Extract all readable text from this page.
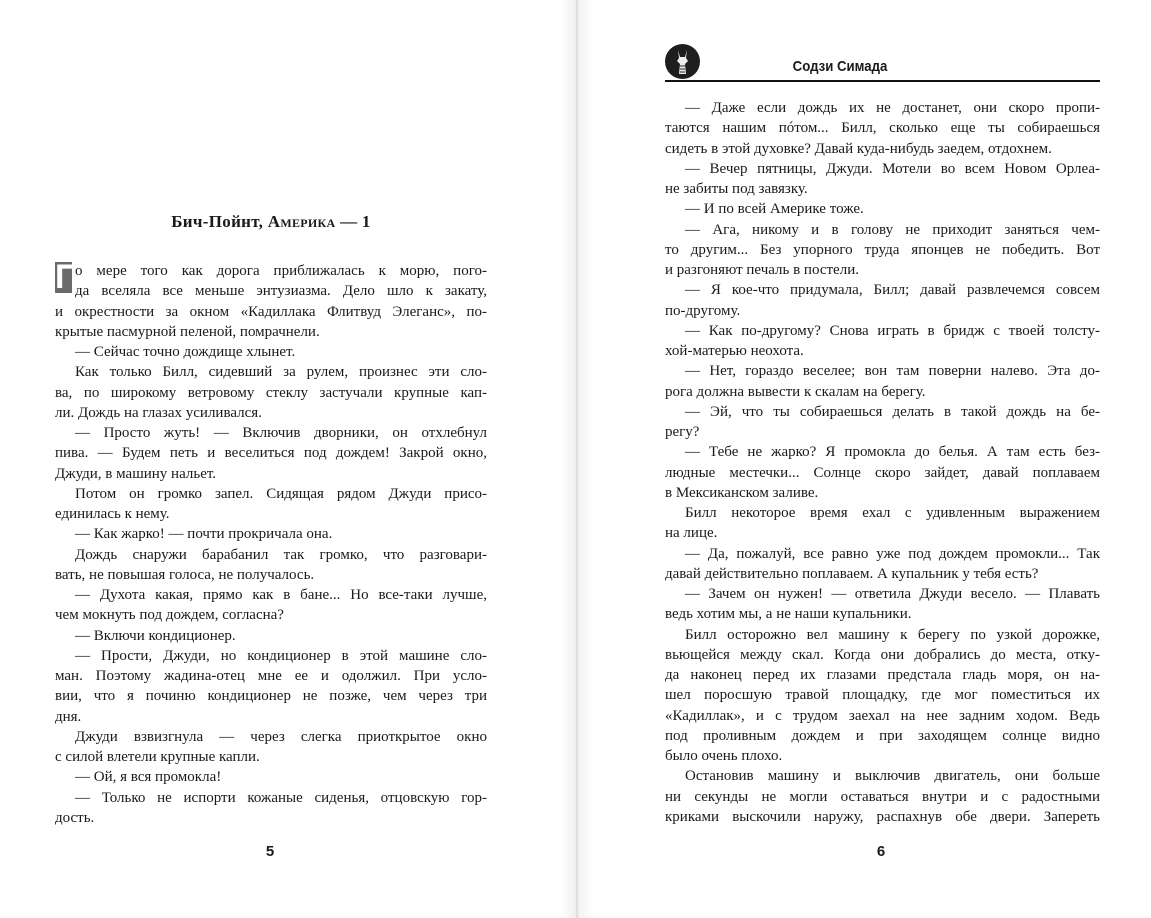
Бич-Пойнт, Америка — 1
П
о мере того как дорога приближалась к морю, пого-
да вселяла все меньше энтузиазма. Дело шло к закату,
и окрестности за окном «Кадиллака Флитвуд Элеганс», по-
крытые пасмурной пеленой, помрачнели.
— Сейчас точно дождище хлынет.
Как только Билл, сидевший за рулем, произнес эти сло-
ва, по широкому ветровому стеклу застучали крупные кап-
ли. Дождь на глазах усиливался.
— Просто жуть! — Включив дворники, он отхлебнул
пива. — Будем петь и веселиться под дождем! Закрой окно,
Джуди, в машину нальет.
Потом он громко запел. Сидящая рядом Джуди присо-
единилась к нему.
— Как жарко! — почти прокричала она.
Дождь снаружи барабанил так громко, что разговари-
вать, не повышая голоса, не получалось.
— Духота какая, прямо как в бане... Но все-таки лучше,
чем мокнуть под дождем, согласна?
— Включи кондиционер.
— Прости, Джуди, но кондиционер в этой машине сло-
ман. Поэтому жадина-отец мне ее и одолжил. При усло-
вии, что я починю кондиционер не позже, чем через три
дня.
Джуди взвизгнула — через слегка приоткрытое окно
с силой влетели крупные капли.
— Ой, я вся промокла!
— Только не испорти кожаные сиденья, отцовскую гор-
дость.
5
Содзи Симада
— Даже если дождь их не достанет, они скоро пропи-
таются нашим пóтом... Билл, сколько еще ты собираешься
сидеть в этой духовке? Давай куда-нибудь заедем, отдохнем.
— Вечер пятницы, Джуди. Мотели во всем Новом Орлеа-
не забиты под завязку.
— И по всей Америке тоже.
— Ага, никому и в голову не приходит заняться чем-
то другим... Без упорного труда японцев не победить. Вот
и разгоняют печаль в постели.
— Я кое-что придумала, Билл; давай развлечемся совсем
по-другому.
— Как по-другому? Снова играть в бридж с твоей толсту-
хой-матерью неохота.
— Нет, гораздо веселее; вон там поверни налево. Эта до-
рога должна вывести к скалам на берегу.
— Эй, что ты собираешься делать в такой дождь на бе-
регу?
— Тебе не жарко? Я промокла до белья. А там есть без-
людные местечки... Солнце скоро зайдет, давай поплаваем
в Мексиканском заливе.
Билл некоторое время ехал с удивленным выражением
на лице.
— Да, пожалуй, все равно уже под дождем промокли... Так
давай действительно поплаваем. А купальник у тебя есть?
— Зачем он нужен! — ответила Джуди весело. — Плавать
ведь хотим мы, а не наши купальники.
Билл осторожно вел машину к берегу по узкой дорожке,
вьющейся между скал. Когда они добрались до места, отку-
да наконец перед их глазами предстала гладь моря, он на-
шел поросшую травой площадку, где мог поместиться их
«Кадиллак», и с трудом заехал на нее задним ходом. Ведь
под проливным дождем и при заходящем солнце видно
было очень плохо.
Остановив машину и выключив двигатель, они больше
ни секунды не могли оставаться внутри и с радостными
криками выскочили наружу, распахнув обе двери. Запереть
6
